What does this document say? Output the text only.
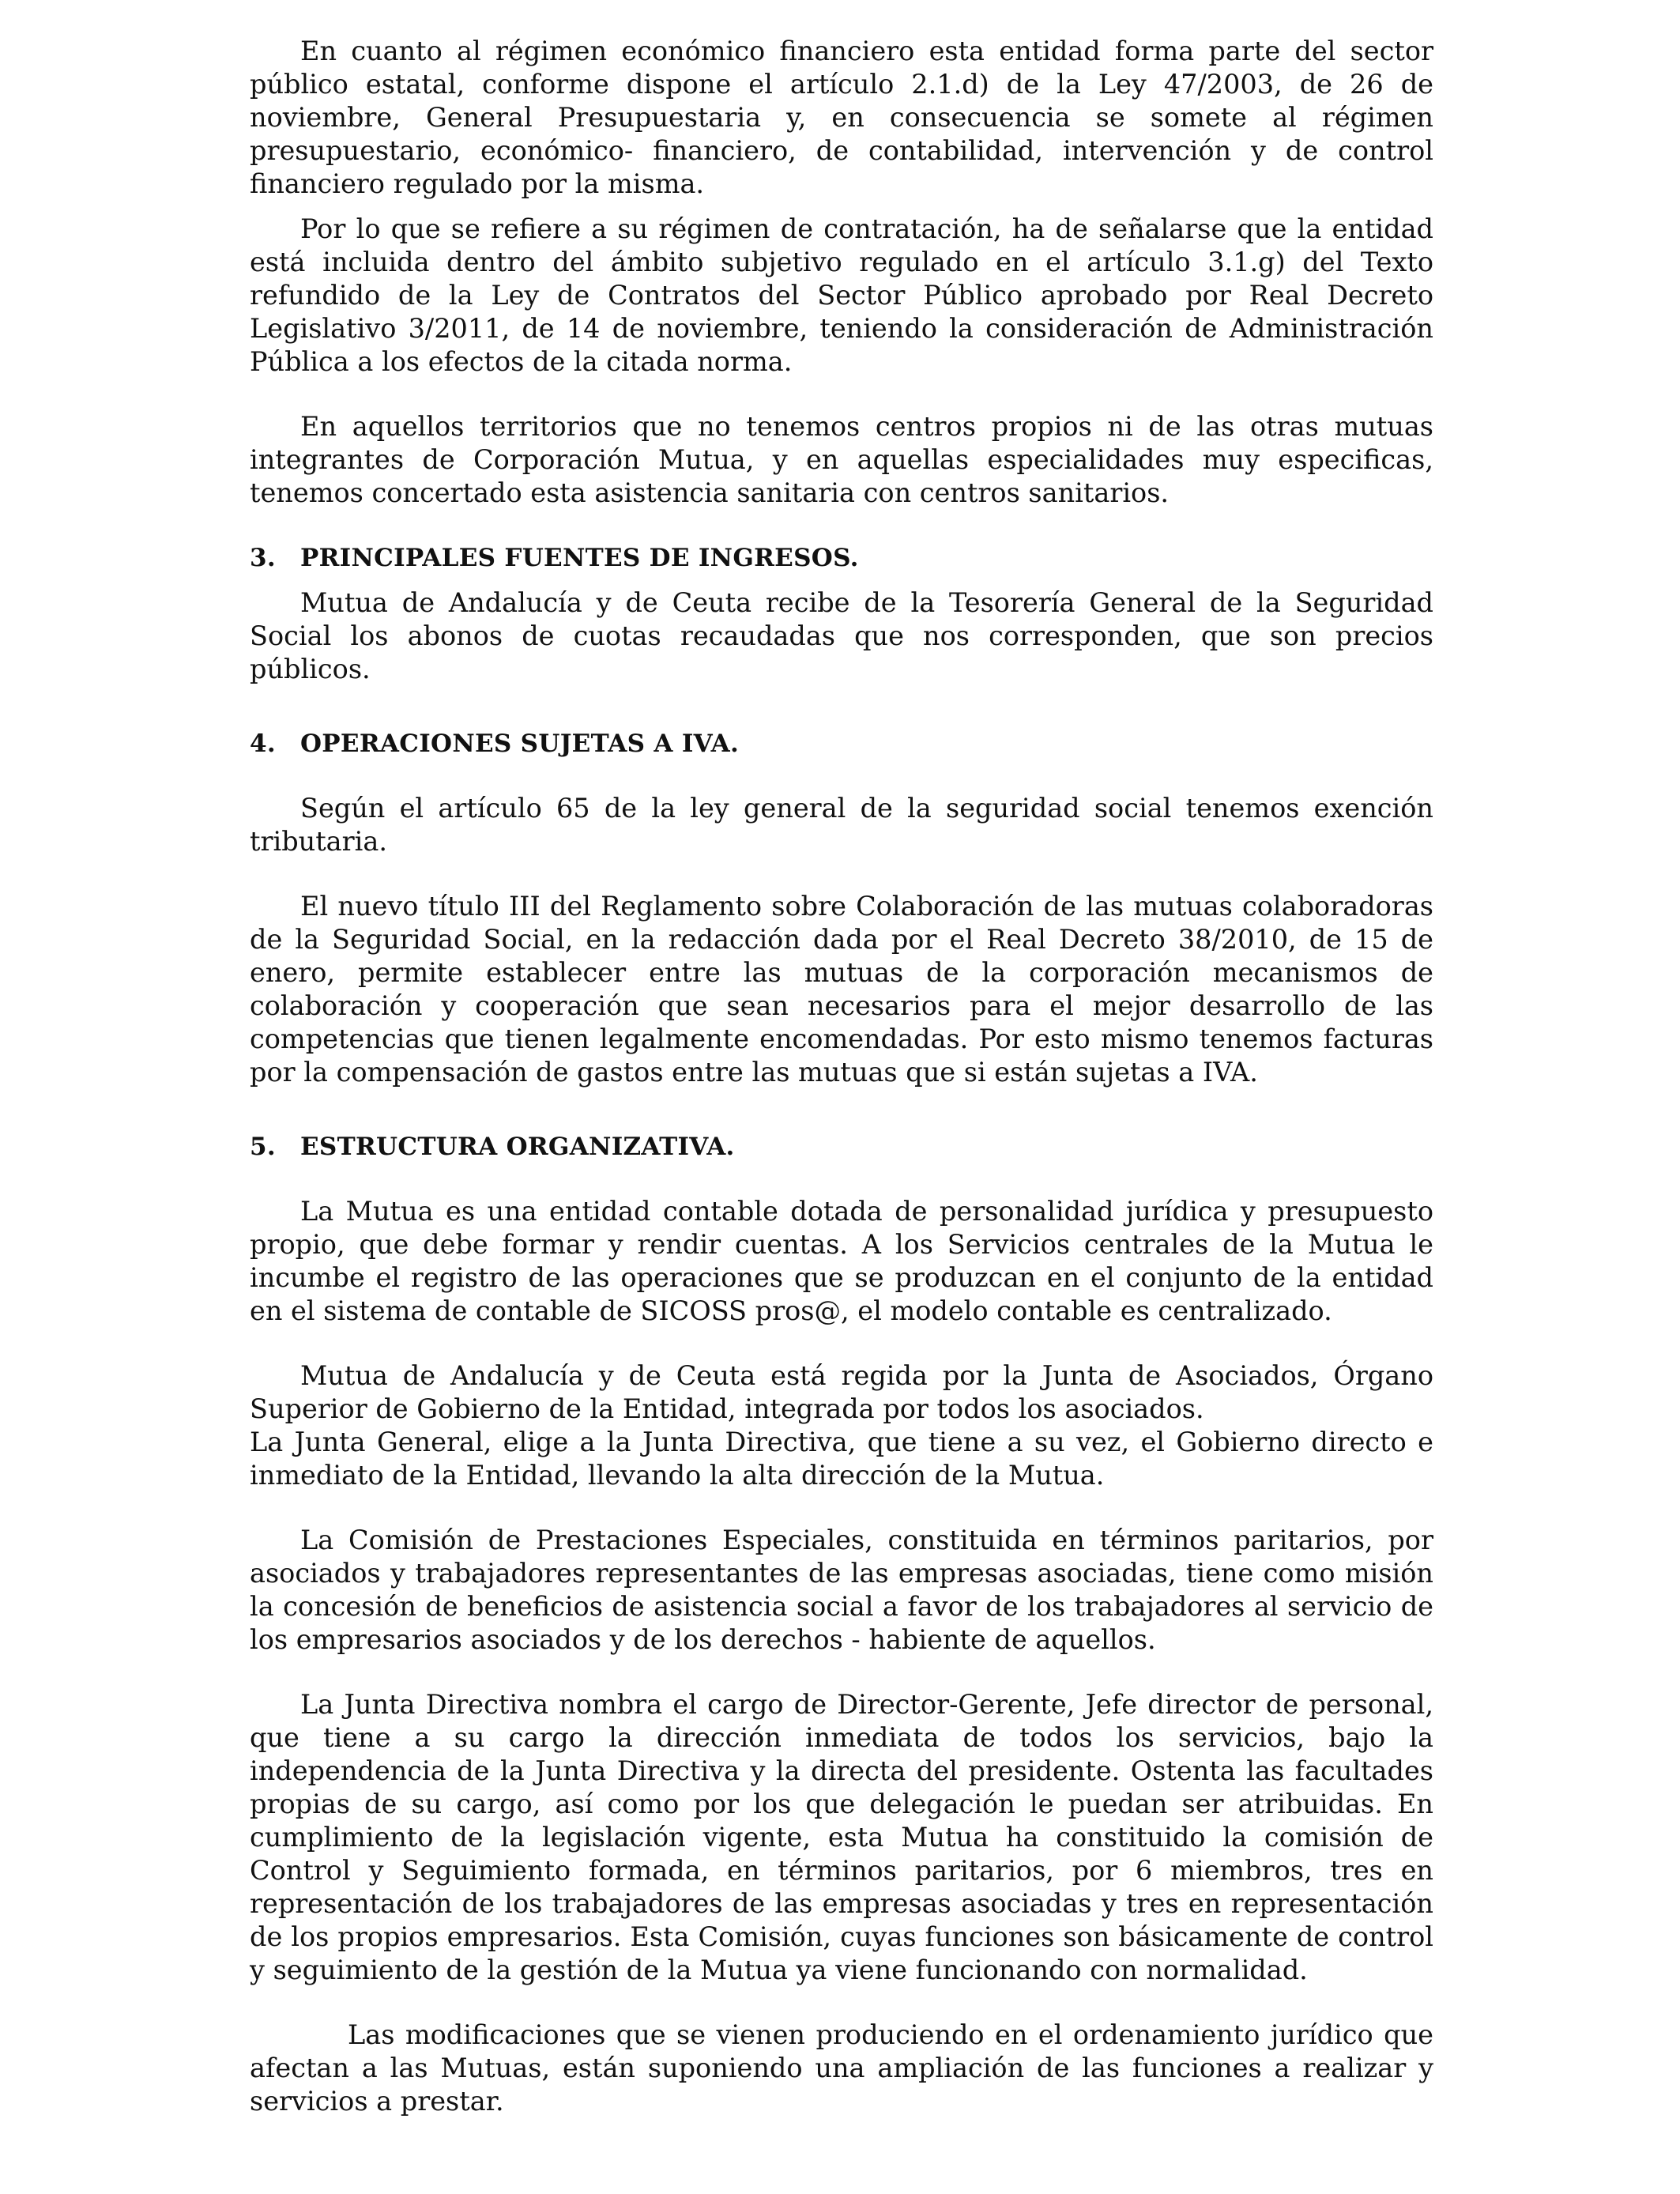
En cuanto al régimen económico financiero esta entidad forma parte del sector público estatal, conforme dispone el artículo 2.1.d) de la Ley 47/2003, de 26 de noviembre, General Presupuestaria y, en consecuencia se somete al régimen presupuestario, económico- financiero, de contabilidad, intervención y de control financiero regulado por la misma.

Por lo que se refiere a su régimen de contratación, ha de señalarse que la entidad está incluida dentro del ámbito subjetivo regulado en el artículo 3.1.g) del Texto refundido de la Ley de Contratos del Sector Público aprobado por Real Decreto Legislativo 3/2011, de 14 de noviembre, teniendo la consideración de Administración Pública a los efectos de la citada norma.

En aquellos territorios que no tenemos centros propios ni de las otras mutuas integrantes de Corporación Mutua, y en aquellas especialidades muy especificas, tenemos concertado esta asistencia sanitaria con centros sanitarios.

3.	PRINCIPALES FUENTES DE INGRESOS.

Mutua de Andalucía y de Ceuta recibe de la Tesorería General de la Seguridad Social los abonos de cuotas recaudadas que nos corresponden, que son precios públicos.

4.	OPERACIONES SUJETAS A IVA.

Según el artículo 65 de la ley general de la seguridad social tenemos exención tributaria.

El nuevo título III del Reglamento sobre Colaboración de las mutuas colaboradoras de la Seguridad Social, en la redacción dada por el Real Decreto 38/2010, de 15 de enero, permite establecer entre las mutuas de la corporación mecanismos de colaboración y cooperación que sean necesarios para el mejor desarrollo de las competencias que tienen legalmente encomendadas. Por esto mismo tenemos facturas por la compensación de gastos entre las mutuas que si están sujetas a IVA.

5.	ESTRUCTURA ORGANIZATIVA.

La Mutua es una entidad contable dotada de personalidad jurídica y presupuesto propio, que debe formar y rendir cuentas. A los Servicios centrales de la Mutua le incumbe el registro de las operaciones que se produzcan en el conjunto de la entidad en el sistema de contable de SICOSS pros@, el modelo contable es centralizado.

Mutua de Andalucía y de Ceuta está regida por la Junta de Asociados, Órgano Superior de Gobierno de la Entidad, integrada por todos los asociados.

La Junta General, elige a la Junta Directiva, que tiene a su vez, el Gobierno directo e inmediato de la Entidad, llevando la alta dirección de la Mutua.

La Comisión de Prestaciones Especiales, constituida en términos paritarios, por asociados y trabajadores representantes de las empresas asociadas, tiene como misión la concesión de beneficios de asistencia social a favor de los trabajadores al servicio de los empresarios asociados y de los derechos - habiente de aquellos.

La Junta Directiva nombra el cargo de Director-Gerente, Jefe director de personal, que tiene a su cargo la dirección inmediata de todos los servicios, bajo la independencia de la Junta Directiva y la directa del presidente. Ostenta las facultades propias de su cargo, así como por los que delegación le puedan ser atribuidas. En cumplimiento de la legislación vigente, esta Mutua ha constituido la comisión de Control y Seguimiento formada, en términos paritarios, por 6 miembros, tres en representación de los trabajadores de las empresas asociadas y tres en representación de los propios empresarios. Esta Comisión, cuyas funciones son básicamente de control y seguimiento de la gestión de la Mutua ya viene funcionando con normalidad.

Las modificaciones que se vienen produciendo en el ordenamiento jurídico que afectan a las Mutuas, están suponiendo una ampliación de las funciones a realizar y servicios a prestar.
